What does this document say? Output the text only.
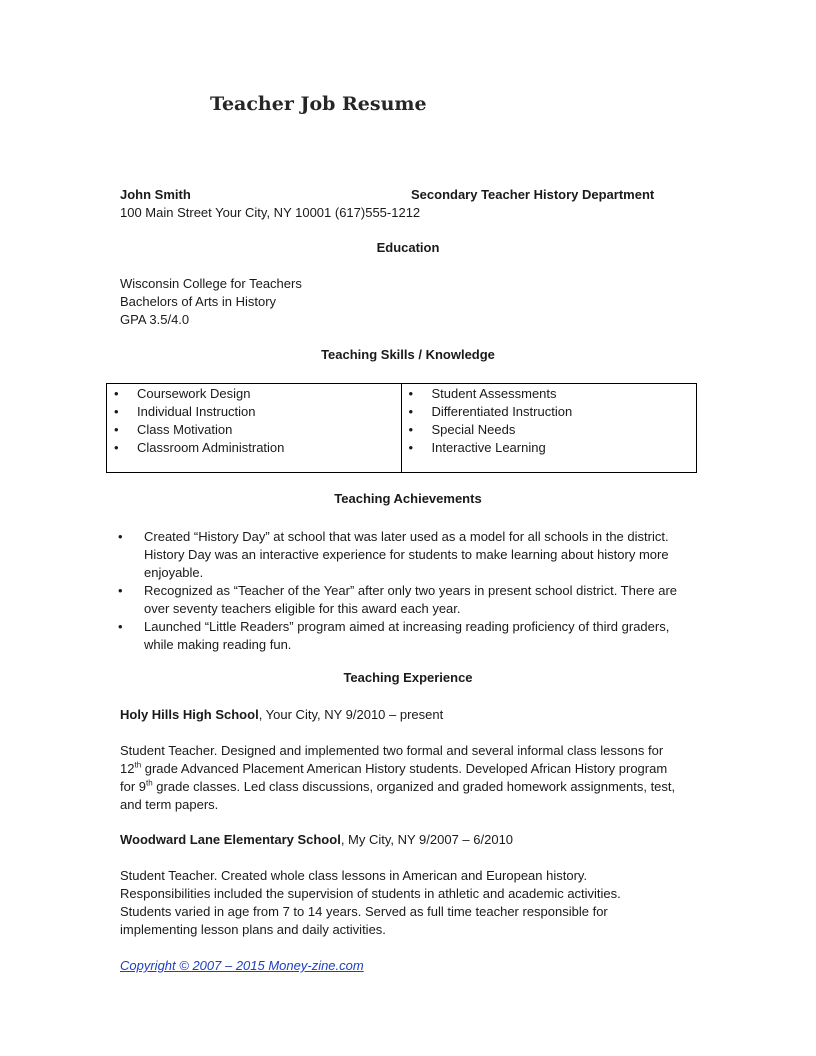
Teacher Job Resume
John Smith	Secondary Teacher History Department
100 Main Street Your City, NY 10001 (617)555-1212
Education
Wisconsin College for Teachers
Bachelors of Arts in History
GPA 3.5/4.0
Teaching Skills / Knowledge
• Coursework Design
• Individual Instruction
• Class Motivation
• Classroom Administration
• Student Assessments
• Differentiated Instruction
• Special Needs
• Interactive Learning
Teaching Achievements
• Created “History Day” at school that was later used as a model for all schools in the district.
History Day was an interactive experience for students to make learning about history more
enjoyable.
• Recognized as “Teacher of the Year” after only two years in present school district. There are
over seventy teachers eligible for this award each year.
• Launched “Little Readers” program aimed at increasing reading proficiency of third graders,
while making reading fun.
Teaching Experience
Holy Hills High School, Your City, NY 9/2010 – present
Student Teacher. Designed and implemented two formal and several informal class lessons for
12th grade Advanced Placement American History students. Developed African History program
for 9th grade classes. Led class discussions, organized and graded homework assignments, test,
and term papers.
Woodward Lane Elementary School, My City, NY 9/2007 – 6/2010
Student Teacher. Created whole class lessons in American and European history.
Responsibilities included the supervision of students in athletic and academic activities.
Students varied in age from 7 to 14 years. Served as full time teacher responsible for
implementing lesson plans and daily activities.
Copyright © 2007 – 2015 Money-zine.com
